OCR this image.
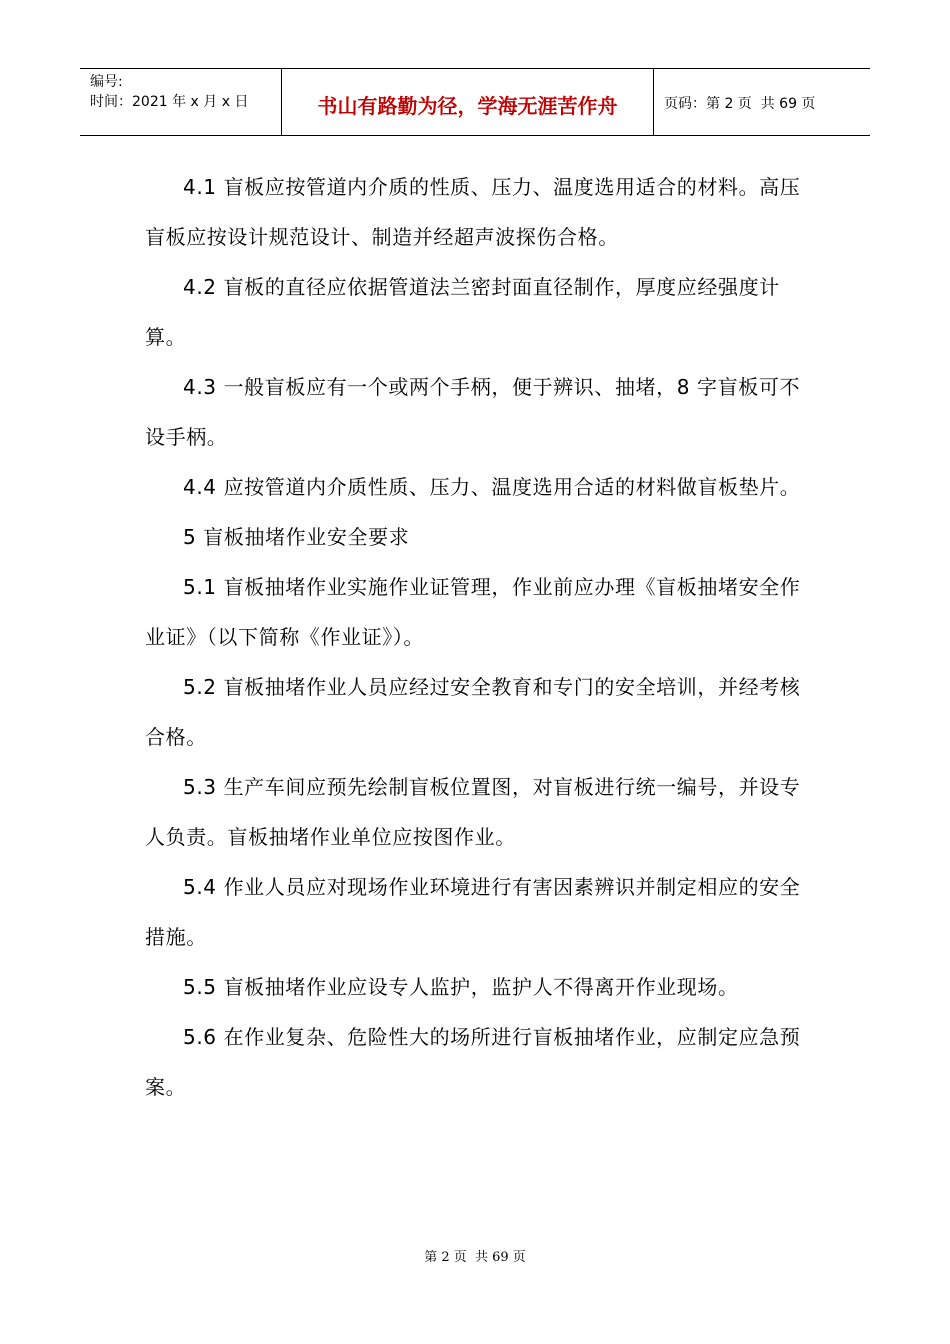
编号:
时间：2021 年 x 月 x 日	书山有路勤为径，学海无涯苦作舟	页码：第 2 页  共 69 页

4.1 盲板应按管道内介质的性质、压力、温度选用适合的材料。高压盲板应按设计规范设计、制造并经超声波探伤合格。

4.2 盲板的直径应依据管道法兰密封面直径制作，厚度应经强度计算。

4.3 一般盲板应有一个或两个手柄，便于辨识、抽堵，8 字盲板可不设手柄。

4.4 应按管道内介质性质、压力、温度选用合适的材料做盲板垫片。

5 盲板抽堵作业安全要求

5.1 盲板抽堵作业实施作业证管理，作业前应办理《盲板抽堵安全作业证》（以下简称《作业证》）。

5.2 盲板抽堵作业人员应经过安全教育和专门的安全培训，并经考核合格。

5.3 生产车间应预先绘制盲板位置图，对盲板进行统一编号，并设专人负责。盲板抽堵作业单位应按图作业。

5.4 作业人员应对现场作业环境进行有害因素辨识并制定相应的安全措施。

5.5 盲板抽堵作业应设专人监护，监护人不得离开作业现场。

5.6 在作业复杂、危险性大的场所进行盲板抽堵作业，应制定应急预案。

第 2 页  共 69 页
